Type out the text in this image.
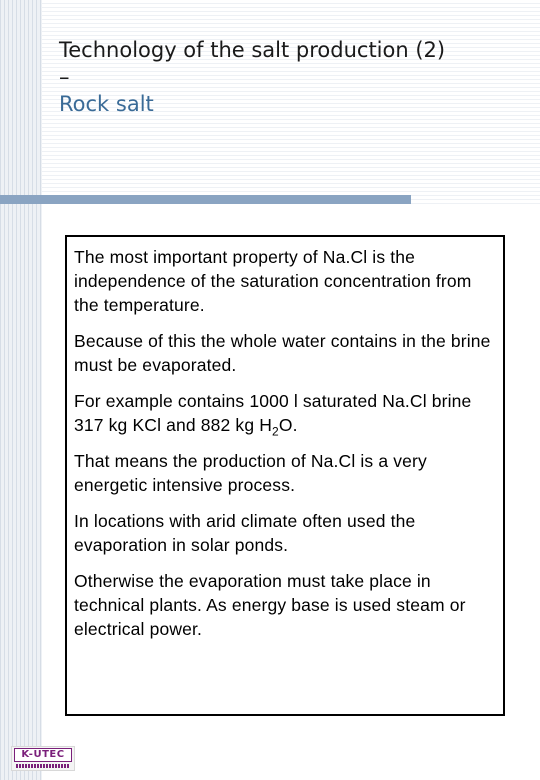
Technology of the salt production (2)
–
Rock salt

The most important property of Na.Cl is the independence of the saturation concentration from the temperature.

Because of this the whole water contains in the brine must be evaporated.

For example contains 1000 l saturated Na.Cl brine 317 kg KCl and 882 kg $H_2O$.

That means the production of Na.Cl is a very energetic intensive process.

In locations with arid climate often used the evaporation in solar ponds.

Otherwise the evaporation must take place in technical plants. As energy base is used steam or electrical power.

K-UTEC
